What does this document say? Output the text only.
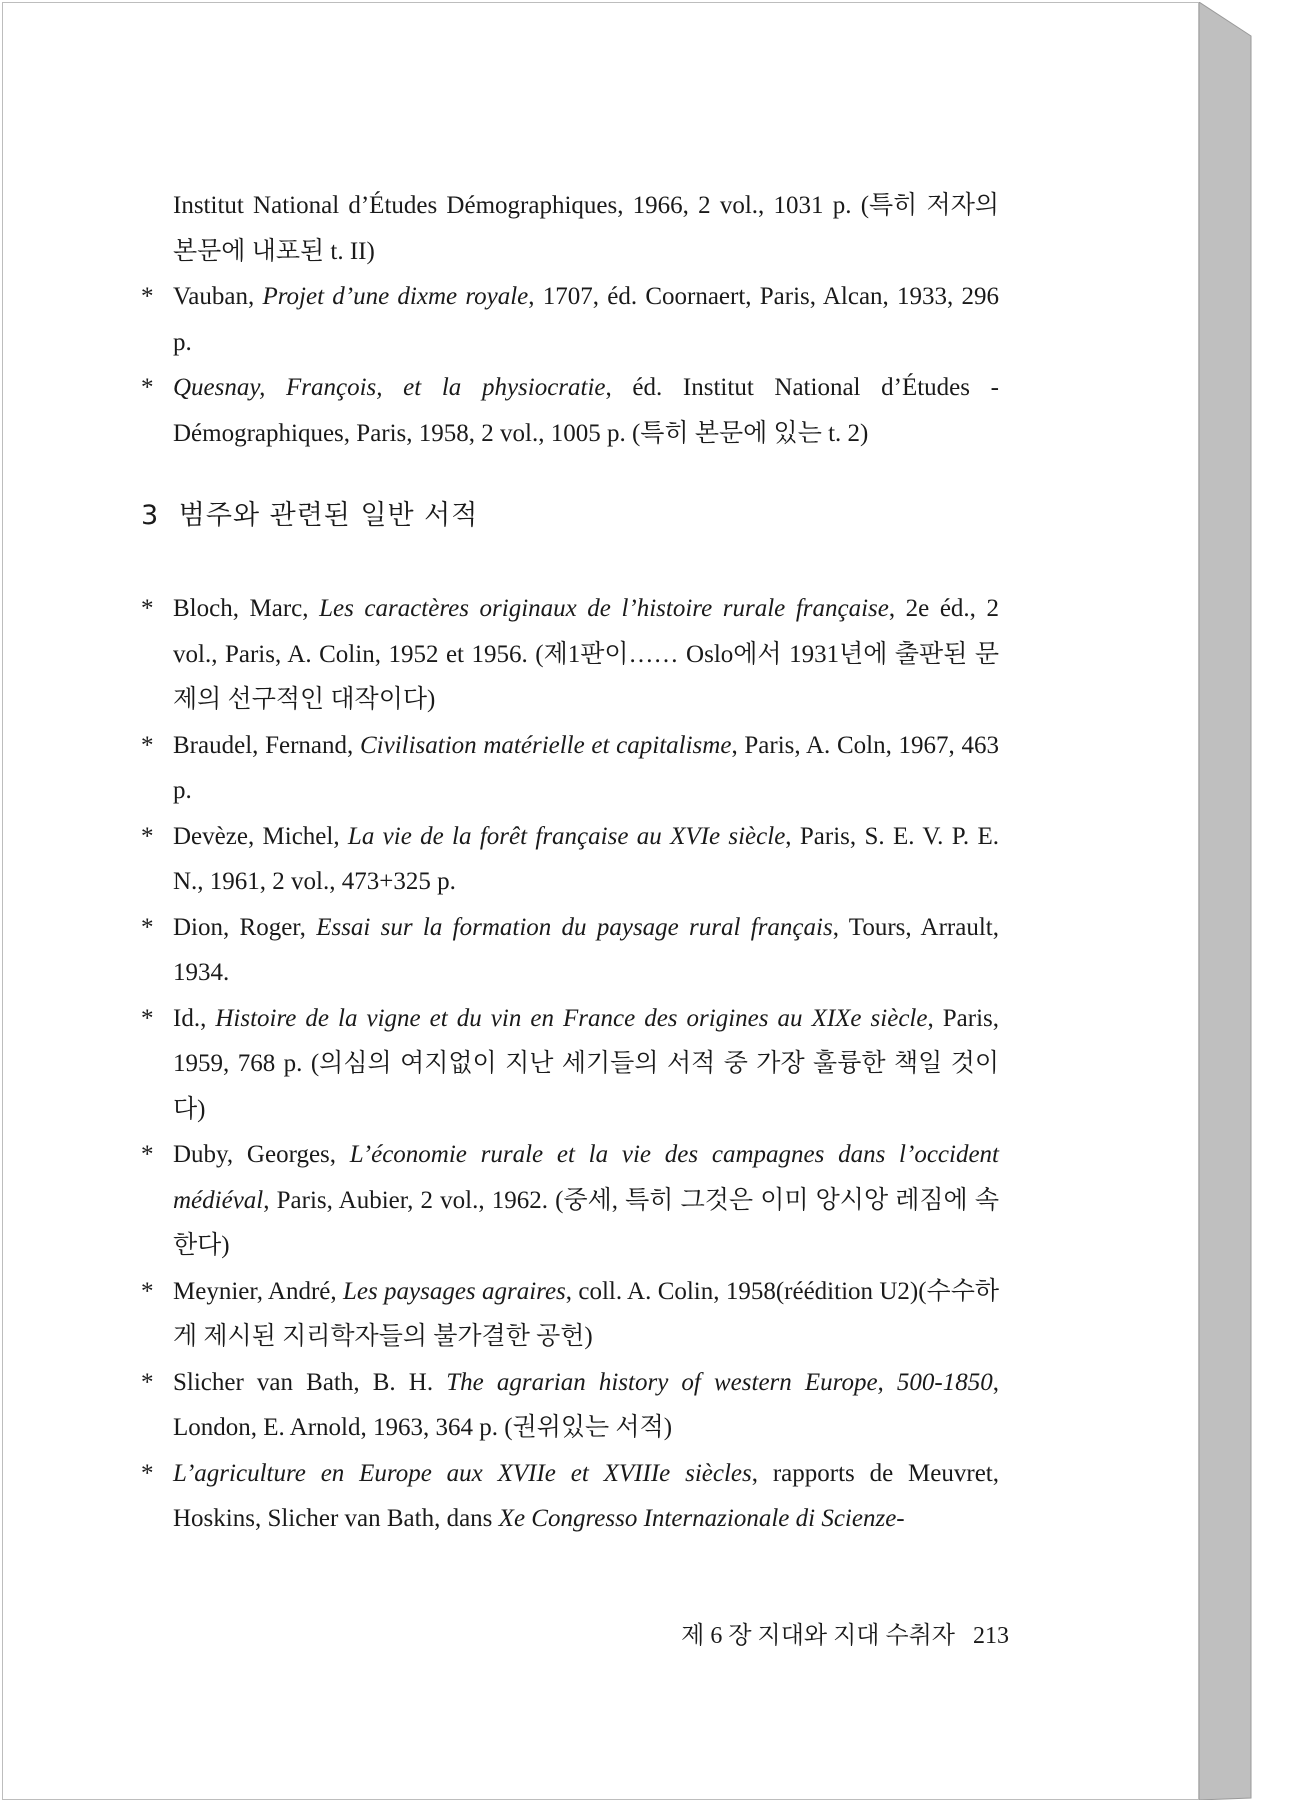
Institut National d’Études Démographiques, 1966, 2 vol., 1031 p. (특히 저자의 본문에 내포된 t. II)

* Vauban, Projet d’une dixme royale, 1707, éd. Coornaert, Paris, Alcan, 1933, 296 p.

* Quesnay, François, et la physiocratie, éd. Institut National d’Études -Démographiques, Paris, 1958, 2 vol., 1005 p. (특히 본문에 있는 t. 2)

3 범주와 관련된 일반 서적

* Bloch, Marc, Les caractères originaux de l’histoire rurale française, 2e éd., 2 vol., Paris, A. Colin, 1952 et 1956. (제1판이…… Oslo에서 1931년에 출판된 문제의 선구적인 대작이다)

* Braudel, Fernand, Civilisation matérielle et capitalisme, Paris, A. Coln, 1967, 463 p.

* Devèze, Michel, La vie de la forêt française au XVIe siècle, Paris, S. E. V. P. E. N., 1961, 2 vol., 473+325 p.

* Dion, Roger, Essai sur la formation du paysage rural français, Tours, Arrault, 1934.

* Id., Histoire de la vigne et du vin en France des origines au XIXe siècle, Paris, 1959, 768 p. (의심의 여지없이 지난 세기들의 서적 중 가장 훌륭한 책일 것이다)

* Duby, Georges, L’économie rurale et la vie des campagnes dans l’occident médiéval, Paris, Aubier, 2 vol., 1962. (중세, 특히 그것은 이미 앙시앙 레짐에 속한다)

* Meynier, André, Les paysages agraires, coll. A. Colin, 1958(réédition U2)(수수하게 제시된 지리학자들의 불가결한 공헌)

* Slicher van Bath, B. H. The agrarian history of western Europe, 500-1850, London, E. Arnold, 1963, 364 p. (권위있는 서적)

* L’agriculture en Europe aux XVIIe et XVIIIe siècles, rapports de Meuvret, Hoskins, Slicher van Bath, dans Xe Congresso Internazionale di Scienze-

제 6 장 지대와 지대 수취자 213
